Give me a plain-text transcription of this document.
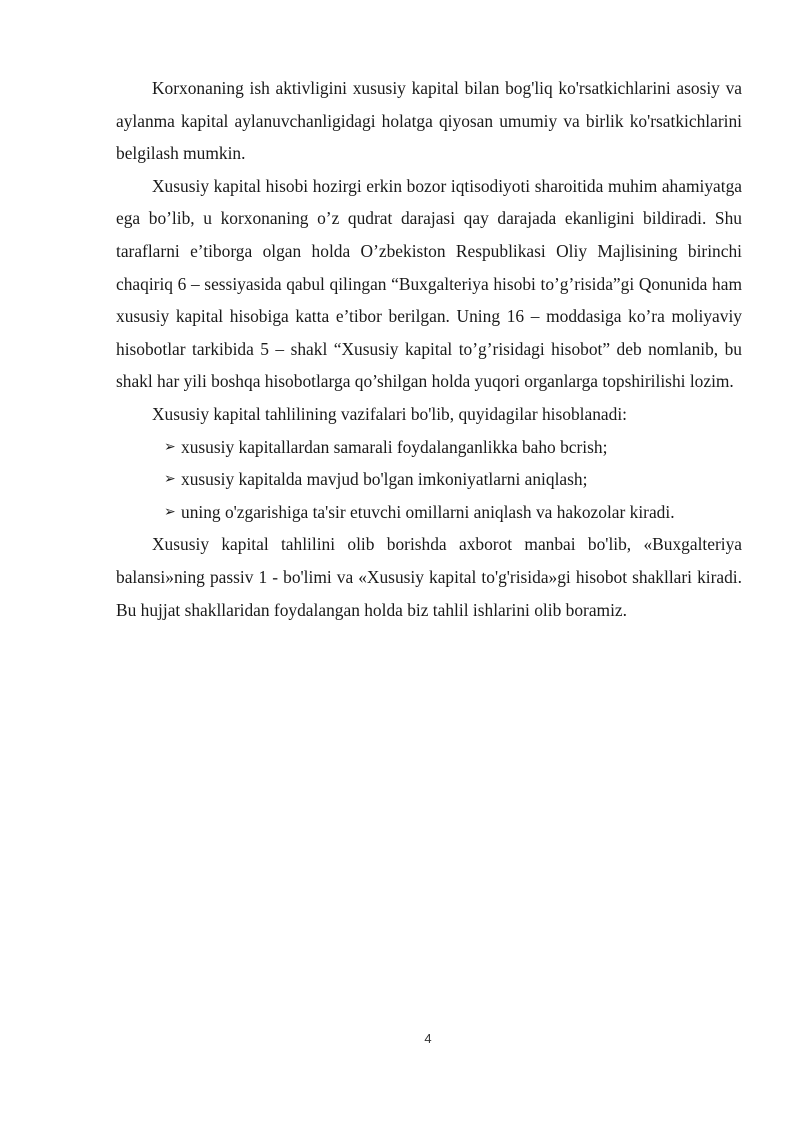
Korxonaning ish aktivligini xususiy kapital bilan bog'liq ko'rsatkichlarini asosiy va aylanma kapital aylanuvchanligidagi holatga qiyosan umumiy va birlik ko'rsatkichlarini belgilash mumkin.

Xususiy kapital hisobi hozirgi erkin bozor iqtisodiyoti sharoitida muhim ahamiyatga ega bo’lib, u korxonaning o’z qudrat darajasi qay darajada ekanligini bildiradi. Shu taraflarni e’tiborga olgan holda O’zbekiston Respublikasi Oliy Majlisining birinchi chaqiriq 6 – sessiyasida qabul qilingan “Buxgalteriya hisobi to’g’risida”gi Qonunida ham xususiy kapital hisobiga katta e’tibor berilgan. Uning 16 – moddasiga ko’ra moliyaviy hisobotlar tarkibida 5 – shakl “Xususiy kapital to’g’risidagi hisobot” deb nomlanib, bu shakl har yili boshqa hisobotlarga qo’shilgan holda yuqori organlarga topshirilishi lozim.

Xususiy kapital tahlilining vazifalari bo'lib, quyidagilar hisoblanadi:

➢ xususiy kapitallardan samarali foydalanganlikka baho bcrish;
➢ xususiy kapitalda mavjud bo'lgan imkoniyatlarni aniqlash;
➢ uning o'zgarishiga ta'sir etuvchi omillarni aniqlash va hakozolar kiradi.

Xususiy kapital tahlilini olib borishda axborot manbai bo'lib, «Buxgalteriya balansi»ning passiv 1 - bo'limi va «Xususiy kapital to'g'risida»gi hisobot shakllari kiradi. Bu hujjat shakllaridan foydalangan holda biz tahlil ishlarini olib boramiz.

4
